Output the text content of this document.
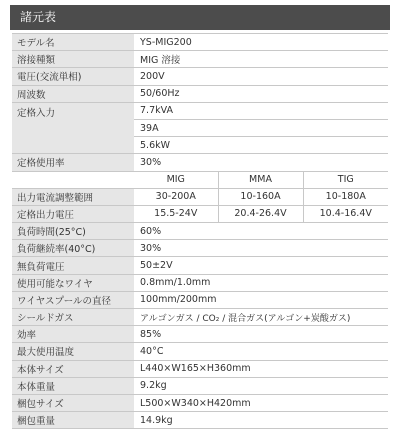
諸元表
モデル名	YS-MIG200		
溶接種類	MIG 溶接		
電圧(交流単相)	200V		
周波数	50/60Hz		
定格入力	7.7kVA		
	39A		
	5.6kW		
定格使用率	30%		
	MIG	MMA	TIG
出力電流調整範囲	30-200A	10-160A	10-180A
定格出力電圧	15.5-24V	20.4-26.4V	10.4-16.4V
負荷時間(25°C)	60%		
負荷継続率(40°C)	30%		
無負荷電圧	50±2V		
使用可能なワイヤ	0.8mm/1.0mm		
ワイヤスプールの直径	100mm/200mm		
シールドガス	アルゴンガス / CO₂ / 混合ガス(アルゴン+炭酸ガス)		
効率	85%		
最大使用温度	40°C		
本体サイズ	L440×W165×H360mm		
本体重量	9.2kg		
梱包サイズ	L500×W340×H420mm		
梱包重量	14.9kg		
